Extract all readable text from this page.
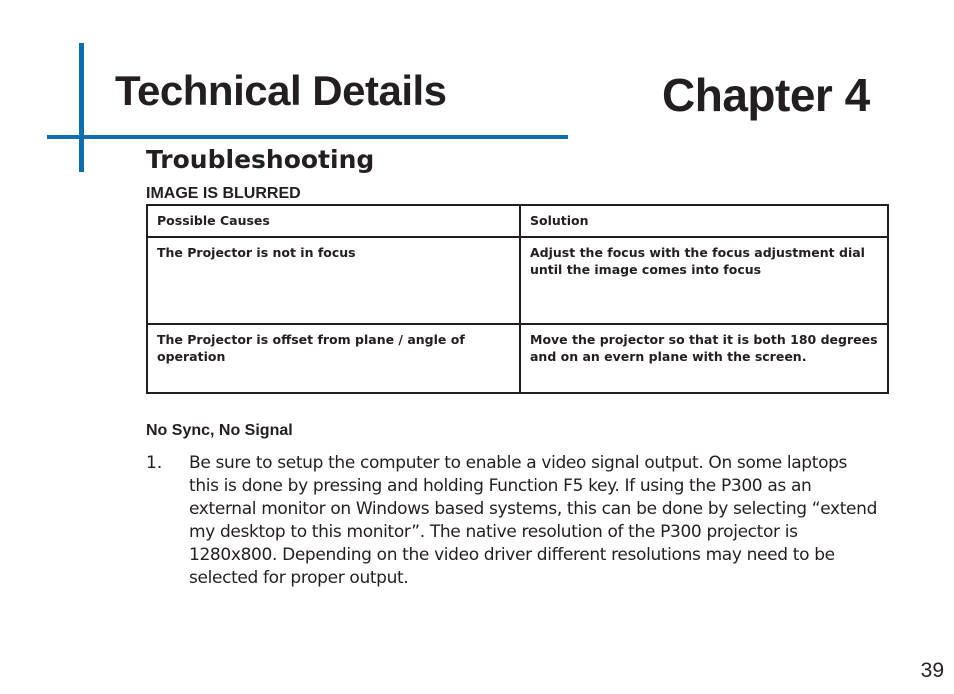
Technical Details	Chapter 4
Troubleshooting
IMAGE IS BLURRED
Possible Causes	Solution
The Projector is not in focus	Adjust the focus with the focus adjustment dial until the image comes into focus
The Projector is offset from plane / angle of operation	Move the projector so that it is both 180 degrees and on an evern plane with the screen.
No Sync, No Signal
1.	Be sure to setup the computer to enable a video signal output. On some laptops this is done by pressing and holding Function F5 key. If using the P300 as an external monitor on Windows based systems, this can be done by selecting “extend my desktop to this monitor”. The native resolution of the P300 projector is 1280x800. Depending on the video driver different resolutions may need to be selected for proper output.
39
